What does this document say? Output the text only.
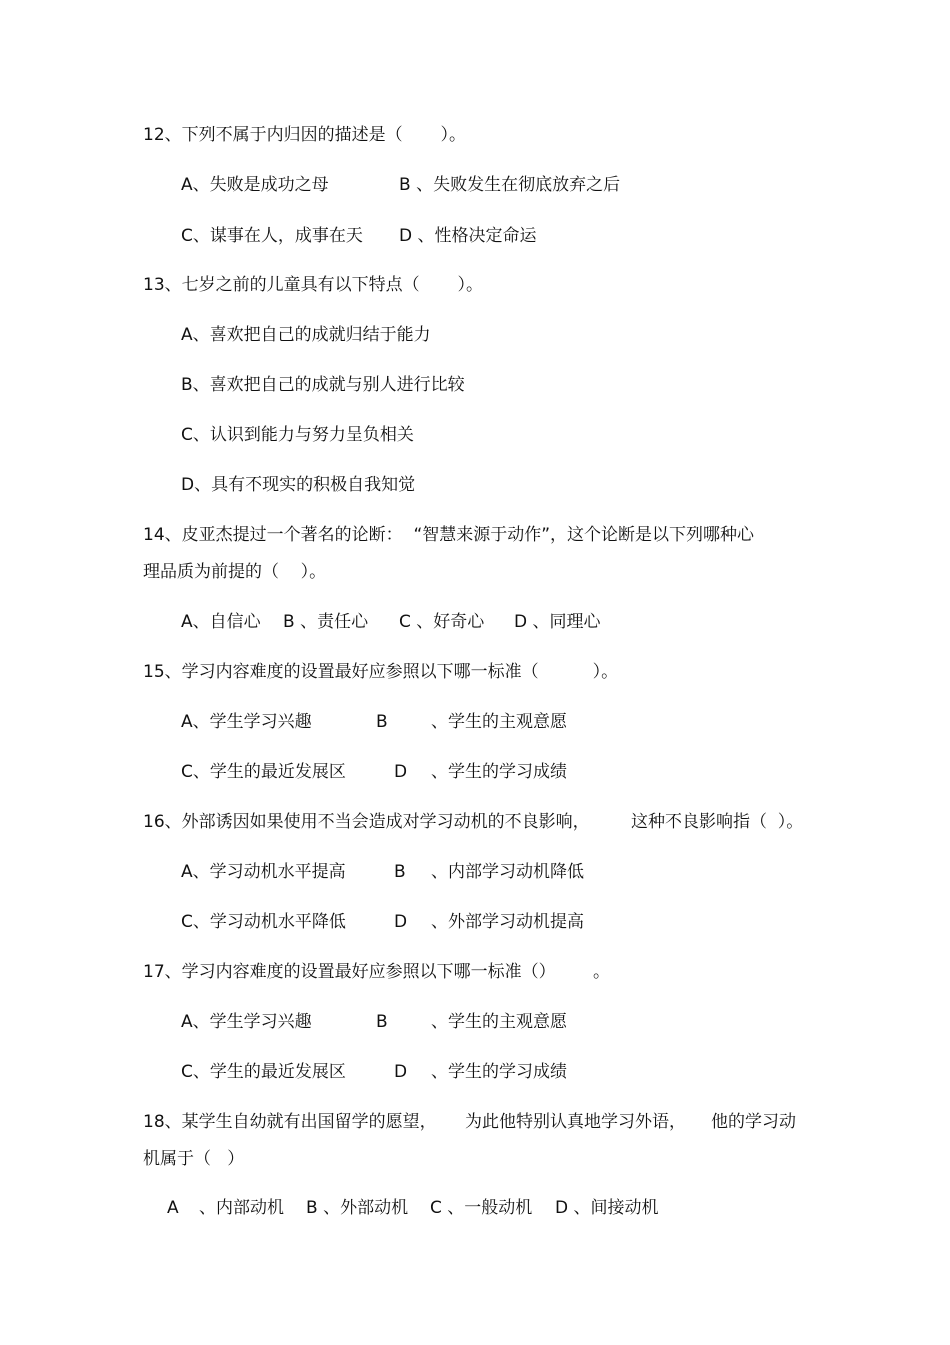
12、下列不属于内归因的描述是（       ）。

A、失败是成功之母

	B 、失败发生在彻底放弃之后

C、谋事在人，成事在天

D 、性格决定命运

13、七岁之前的儿童具有以下特点（       ）。
A、喜欢把自己的成就归结于能力
B、喜欢把自己的成就与别人进行比较
C、认识到能力与努力呈负相关
D、具有不现实的积极自我知觉
14、皮亚杰提过一个著名的论断：  “智慧来源于动作”，这个论断是以下列哪种心
理品质为前提的（    ）。

A、自信心

B 、责任心

C 、好奇心

D 、同理心

15、学习内容难度的设置最好应参照以下哪一标准（          ）。

A、学生学习兴趣

	B

	、学生的主观意愿

C、学生的最近发展区

	D

、学生的学习成绩

16、外部诱因如果使用不当会造成对学习动机的不良影响，

这种不良影响指（  ）。

A、学习动机水平提高

	B

、内部学习动机降低

C、学习动机水平降低

	D

、外部学习动机提高

17、学习内容难度的设置最好应参照以下哪一标准（）

。

A、学生学习兴趣

	B

	、学生的主观意愿

C、学生的最近发展区

	D

、学生的学习成绩

18、某学生自幼就有出国留学的愿望，

为此他特别认真地学习外语，

他的学习动

机属于（   ）

A

、内部动机

B 、外部动机

C 、一般动机

D 、间接动机
